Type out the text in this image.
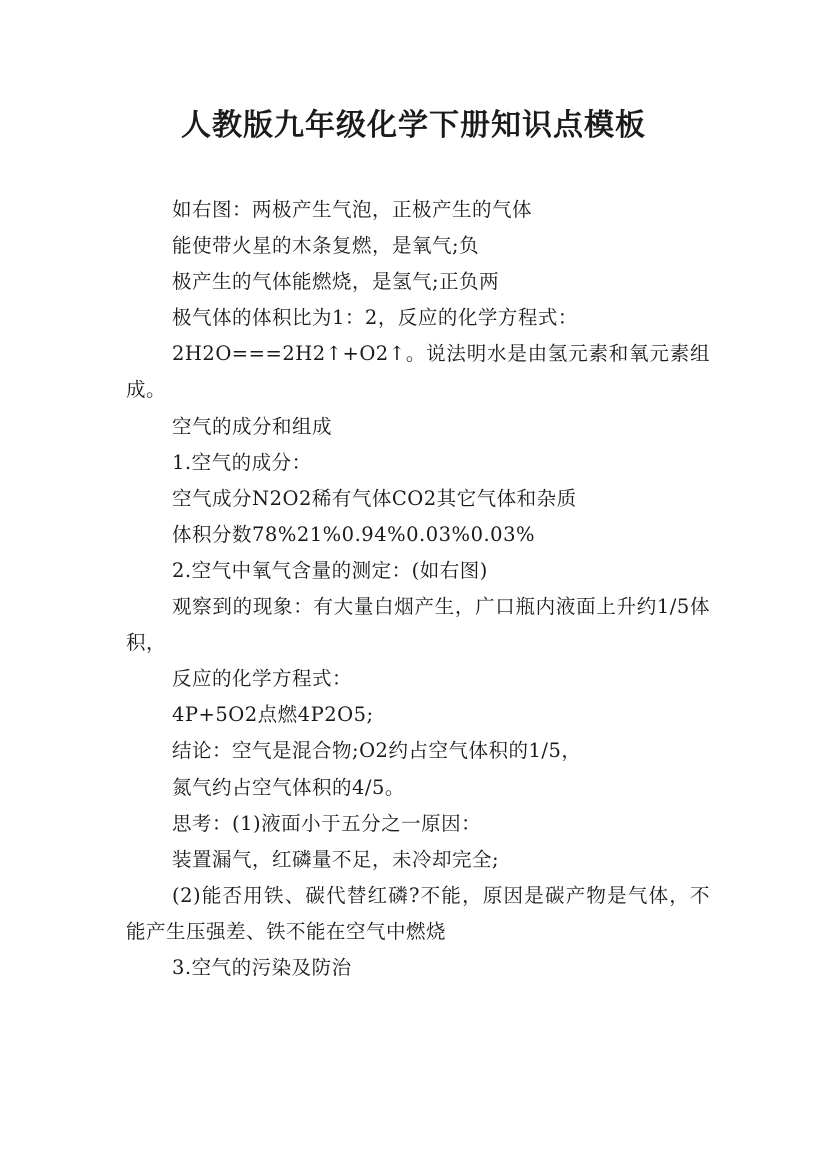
人教版九年级化学下册知识点模板

如右图：两极产生气泡，正极产生的气体

能使带火星的木条复燃，是氧气;负

极产生的气体能燃烧，是氢气;正负两

极气体的体积比为1：2，反应的化学方程式：

2H2O===2H2↑+O2↑。说法明水是由氢元素和氧元素组成。

空气的成分和组成

1.空气的成分：

空气成分N2O2稀有气体CO2其它气体和杂质

体积分数78%21%0.94%0.03%0.03%

2.空气中氧气含量的测定：(如右图)

观察到的现象：有大量白烟产生，广口瓶内液面上升约1/5体积，

反应的化学方程式：

4P+5O2点燃4P2O5;

结论：空气是混合物;O2约占空气体积的1/5，

氮气约占空气体积的4/5。

思考：(1)液面小于五分之一原因：

装置漏气，红磷量不足，未冷却完全;

(2)能否用铁、碳代替红磷?不能，原因是碳产物是气体，不能产生压强差、铁不能在空气中燃烧

3.空气的污染及防治
